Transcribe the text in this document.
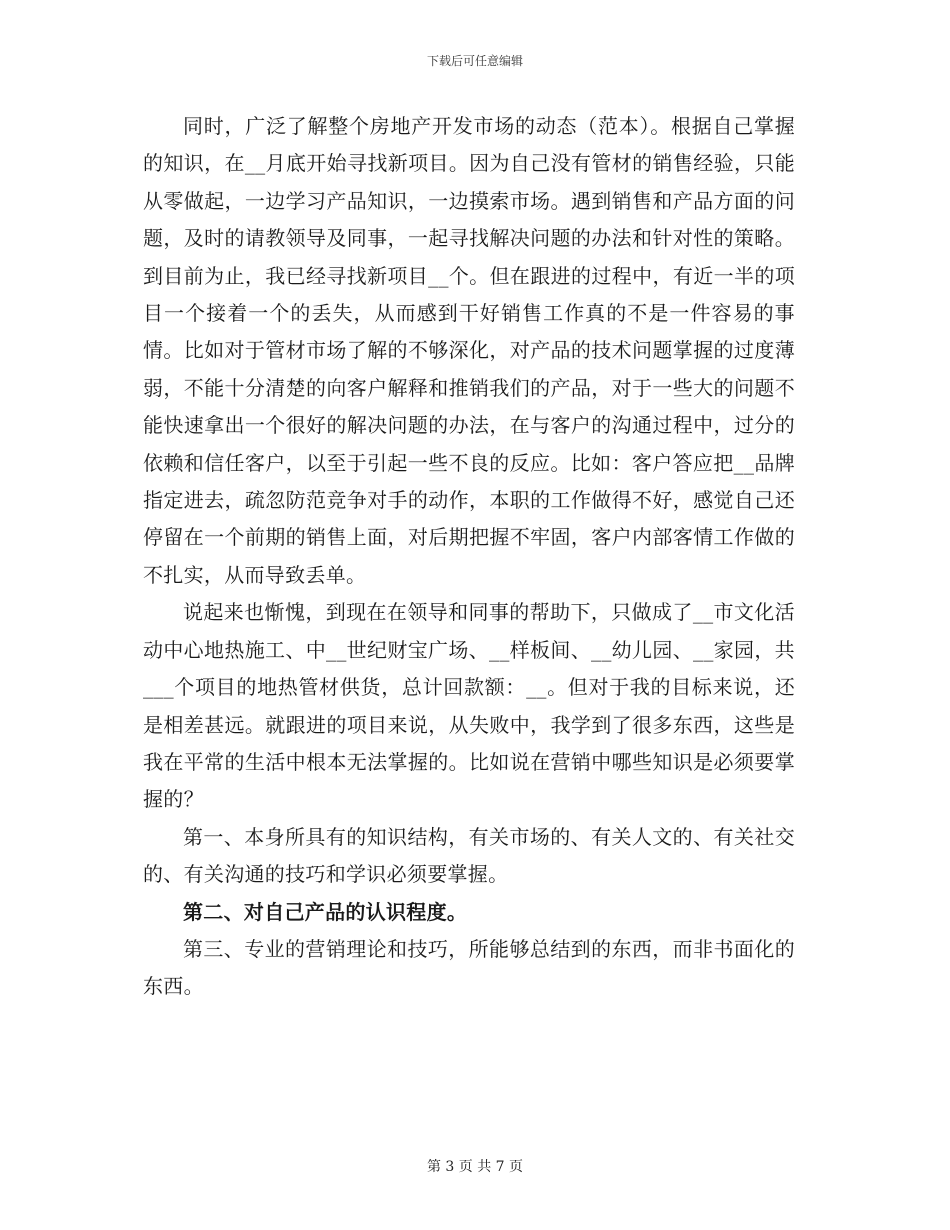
下载后可任意编辑

同时，广泛了解整个房地产开发市场的动态（范本）。根据自己掌握的知识，在__月底开始寻找新项目。因为自己没有管材的销售经验，只能从零做起，一边学习产品知识，一边摸索市场。遇到销售和产品方面的问题，及时的请教领导及同事，一起寻找解决问题的办法和针对性的策略。到目前为止，我已经寻找新项目__个。但在跟进的过程中，有近一半的项目一个接着一个的丢失，从而感到干好销售工作真的不是一件容易的事情。比如对于管材市场了解的不够深化，对产品的技术问题掌握的过度薄弱，不能十分清楚的向客户解释和推销我们的产品，对于一些大的问题不能快速拿出一个很好的解决问题的办法，在与客户的沟通过程中，过分的依赖和信任客户，以至于引起一些不良的反应。比如：客户答应把__品牌指定进去，疏忽防范竞争对手的动作，本职的工作做得不好，感觉自己还停留在一个前期的销售上面，对后期把握不牢固，客户内部客情工作做的不扎实，从而导致丢单。

说起来也惭愧，到现在在领导和同事的帮助下，只做成了__市文化活动中心地热施工、中__世纪财宝广场、__样板间、__幼儿园、__家园，共___个项目的地热管材供货，总计回款额：__。但对于我的目标来说，还是相差甚远。就跟进的项目来说，从失败中，我学到了很多东西，这些是我在平常的生活中根本无法掌握的。比如说在营销中哪些知识是必须要掌握的？

第一、本身所具有的知识结构，有关市场的、有关人文的、有关社交的、有关沟通的技巧和学识必须要掌握。

第二、对自己产品的认识程度。

第三、专业的营销理论和技巧，所能够总结到的东西，而非书面化的东西。

第 3 页 共 7 页
